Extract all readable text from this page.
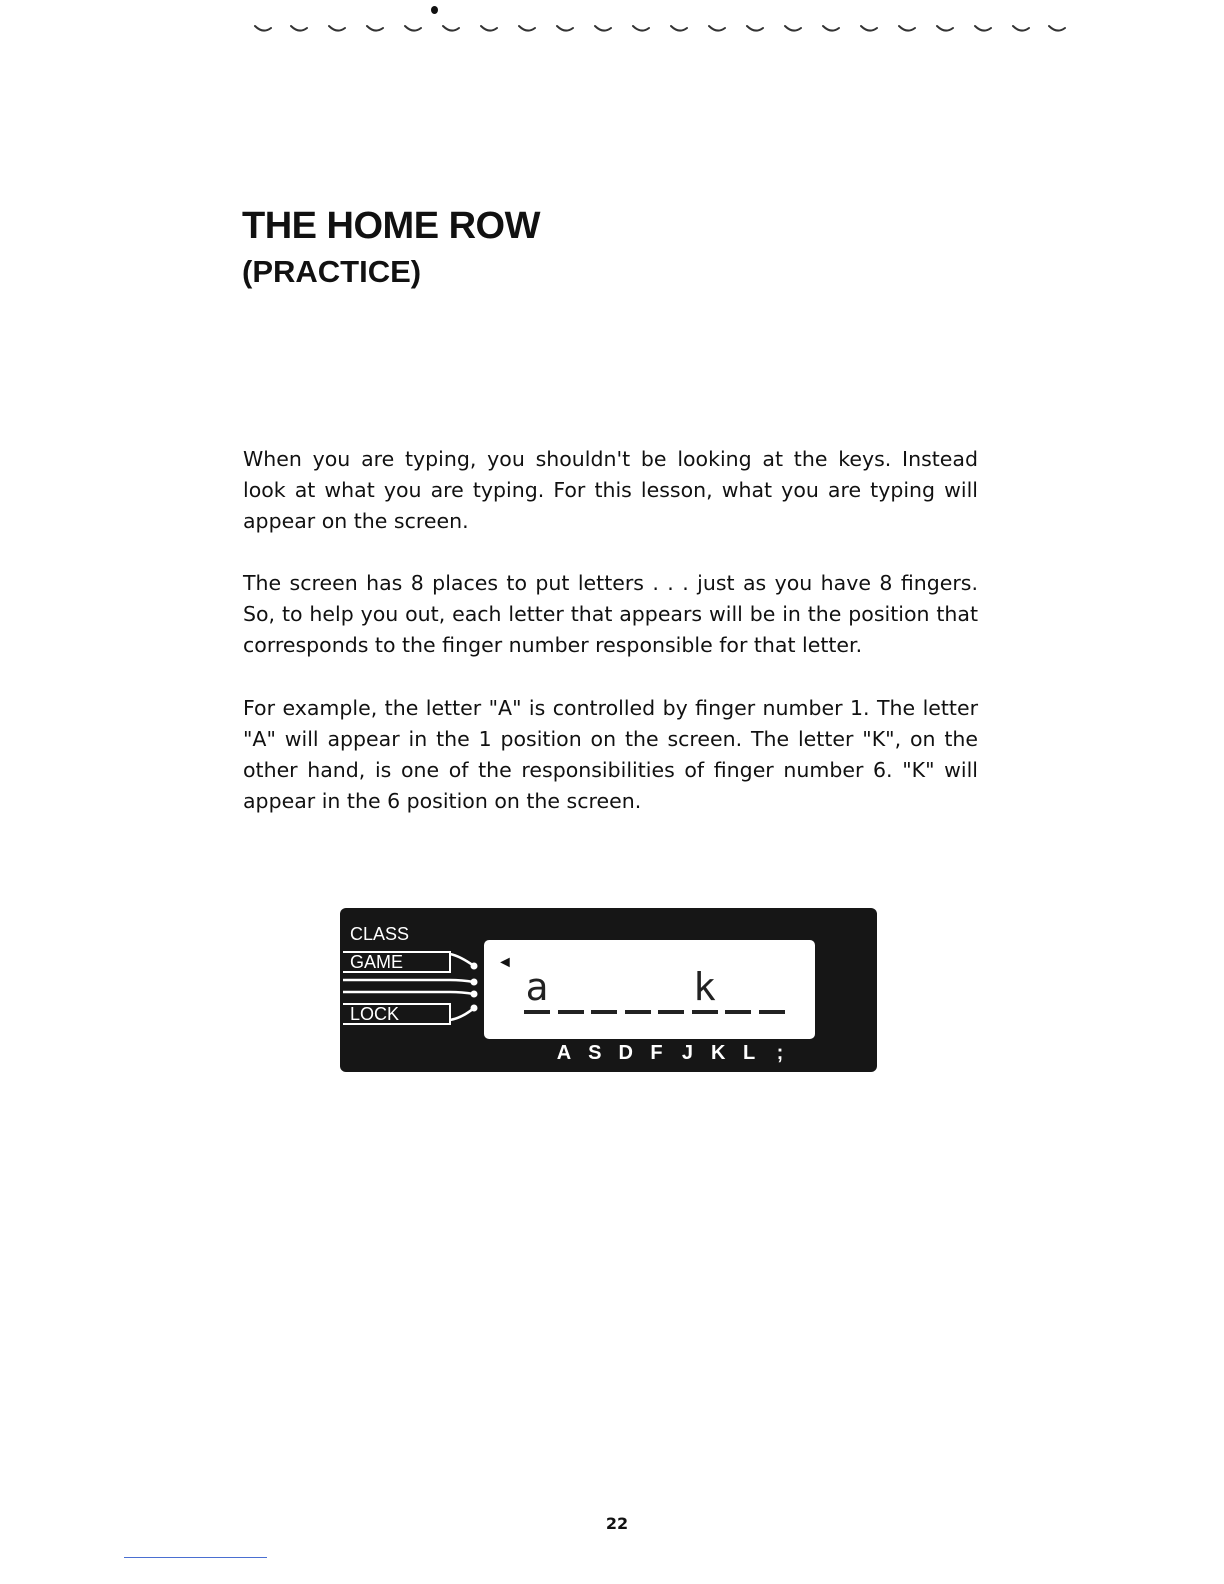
THE HOME ROW
(PRACTICE)

When you are typing, you shouldn't be looking at the keys. Instead look at what you are typing. For this lesson, what you are typing will appear on the screen.

The screen has 8 places to put letters . . . just as you have 8 fingers. So, to help you out, each letter that appears will be in the position that corresponds to the finger number responsible for that letter.

For example, the letter "A" is controlled by finger number 1. The letter "A" will appear in the 1 position on the screen. The letter "K", on the other hand, is one of the responsibilities of finger number 6. "K" will appear in the 6 position on the screen.

CLASS
GAME
LOCK
◄
a	k
A S D F J K L	;
22
